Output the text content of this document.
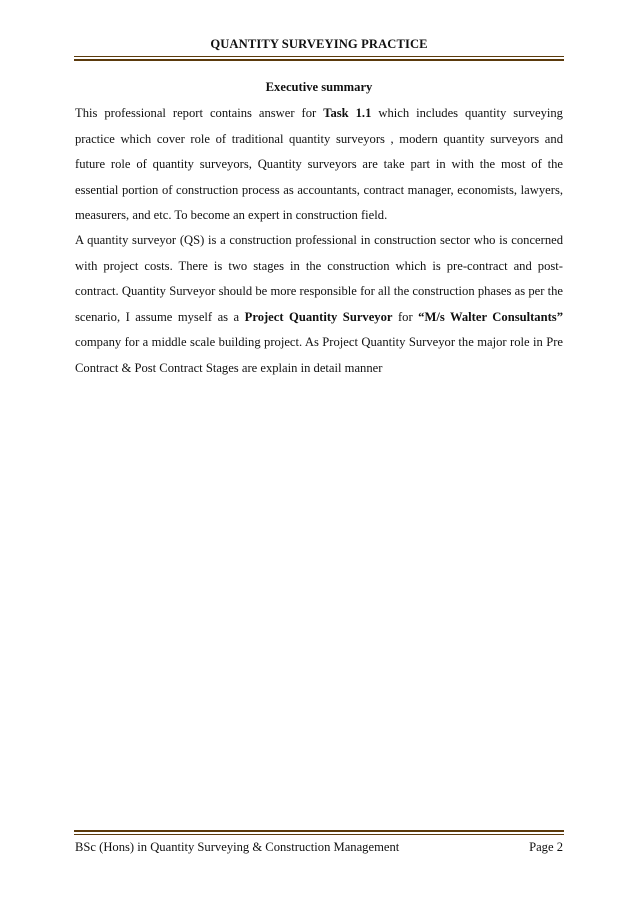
QUANTITY SURVEYING PRACTICE
Executive summary

This professional report contains answer for Task 1.1 which includes quantity surveying practice which cover role of traditional quantity surveyors , modern quantity surveyors and future role of quantity surveyors, Quantity surveyors are take part in with the most of the essential portion of construction process as accountants, contract manager, economists, lawyers, measurers, and etc. To become an expert in construction field.

A quantity surveyor (QS) is a construction professional in construction sector who is concerned with project costs. There is two stages in the construction which is pre-contract and post-contract. Quantity Surveyor should be more responsible for all the construction phases as per the scenario, I assume myself as a Project Quantity Surveyor for “M/s Walter Consultants” company for a middle scale building project. As Project Quantity Surveyor the major role in Pre Contract & Post Contract Stages are explain in detail manner

BSc (Hons) in Quantity Surveying & Construction Management	Page 2
